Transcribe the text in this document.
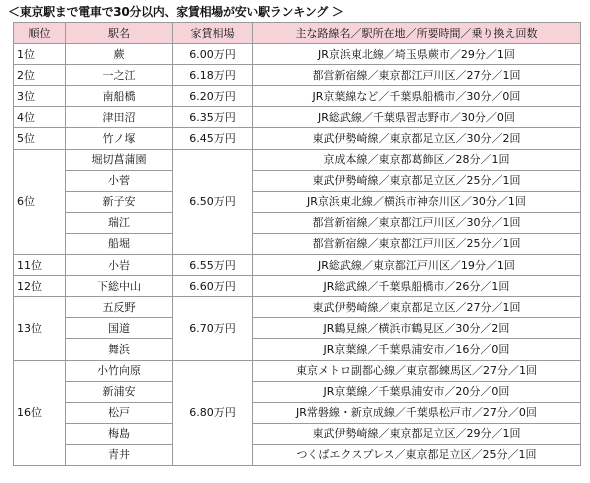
＜東京駅まで電車で30分以内、家賃相場が安い駅ランキング ＞
順位	駅名	家賃相場	主な路線名／駅所在地／所要時間／乗り換え回数
1位	蕨	6.00万円	JR京浜東北線／埼玉県蕨市／29分／1回
2位	一之江	6.18万円	都営新宿線／東京都江戸川区／27分／1回
3位	南船橋	6.20万円	JR京葉線など／千葉県船橋市／30分／0回
4位	津田沼	6.35万円	JR総武線／千葉県習志野市／30分／0回
5位	竹ノ塚	6.45万円	東武伊勢崎線／東京都足立区／30分／2回
6位	堀切菖蒲園	6.50万円	京成本線／東京都葛飾区／28分／1回
	小菅		東武伊勢崎線／東京都足立区／25分／1回
	新子安		JR京浜東北線／横浜市神奈川区／30分／1回
	瑞江		都営新宿線／東京都江戸川区／30分／1回
	船堀		都営新宿線／東京都江戸川区／25分／1回
11位	小岩	6.55万円	JR総武線／東京都江戸川区／19分／1回
12位	下総中山	6.60万円	JR総武線／千葉県船橋市／26分／1回
13位	五反野	6.70万円	東武伊勢崎線／東京都足立区／27分／1回
	国道		JR鶴見線／横浜市鶴見区／30分／2回
	舞浜		JR京葉線／千葉県浦安市／16分／0回
16位	小竹向原	6.80万円	東京メトロ副都心線／東京都練馬区／27分／1回
	新浦安		JR京葉線／千葉県浦安市／20分／0回
	松戸		JR常磐線・新京成線／千葉県松戸市／27分／0回
	梅島		東武伊勢崎線／東京都足立区／29分／1回
	青井		つくばエクスプレス／東京都足立区／25分／1回
